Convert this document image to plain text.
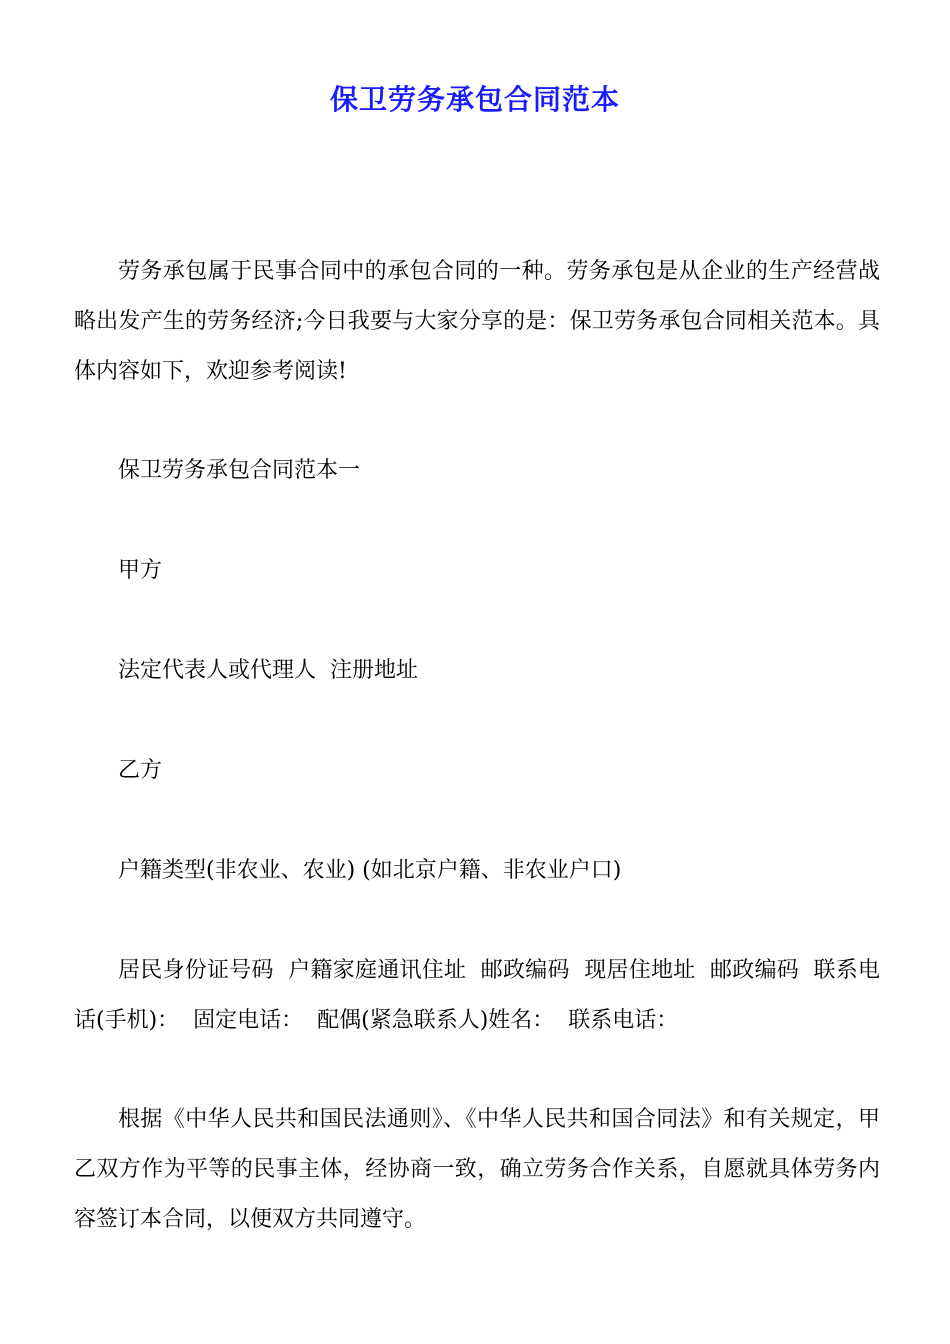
保卫劳务承包合同范本

劳务承包属于民事合同中的承包合同的一种。劳务承包是从企业的生产经营战略出发产生的劳务经济;今日我要与大家分享的是：保卫劳务承包合同相关范本。具体内容如下，欢迎参考阅读!

保卫劳务承包合同范本一

甲方

法定代表人或代理人  注册地址

乙方

户籍类型(非农业、农业) (如北京户籍、非农业户口)

居民身份证号码  户籍家庭通讯住址  邮政编码  现居住地址  邮政编码  联系电话(手机)：  固定电话：  配偶(紧急联系人)姓名：  联系电话：

根据《中华人民共和国民法通则》、《中华人民共和国合同法》和有关规定，甲乙双方作为平等的民事主体，经协商一致，确立劳务合作关系，自愿就具体劳务内容签订本合同，以便双方共同遵守。
